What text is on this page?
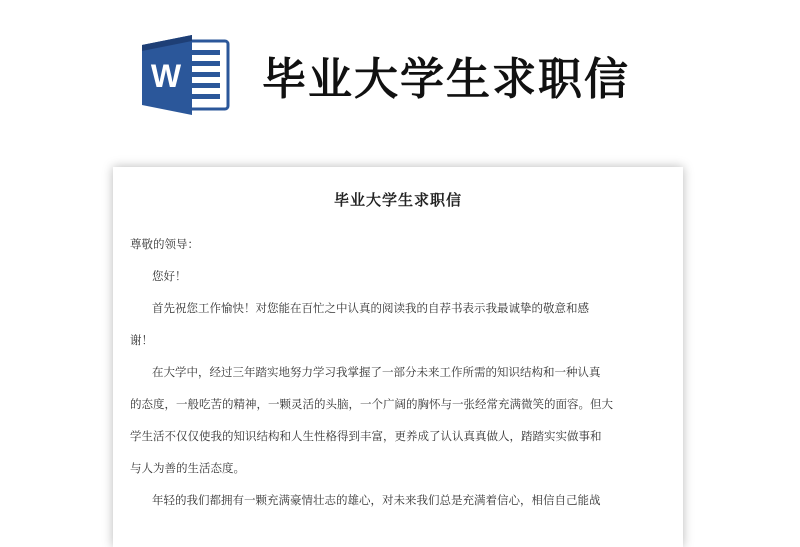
W 毕业大学生求职信
毕业大学生求职信

尊敬的领导：

您好！

首先祝您工作愉快！对您能在百忙之中认真的阅读我的自荐书表示我最诚挚的敬意和感

谢！

在大学中，经过三年踏实地努力学习我掌握了一部分未来工作所需的知识结构和一种认真

的态度，一般吃苦的精神，一颗灵活的头脑，一个广阔的胸怀与一张经常充满微笑的面容。但大

学生活不仅仅使我的知识结构和人生性格得到丰富，更养成了认认真真做人，踏踏实实做事和

与人为善的生活态度。

年轻的我们都拥有一颗充满豪情壮志的雄心，对未来我们总是充满着信心，相信自己能战
